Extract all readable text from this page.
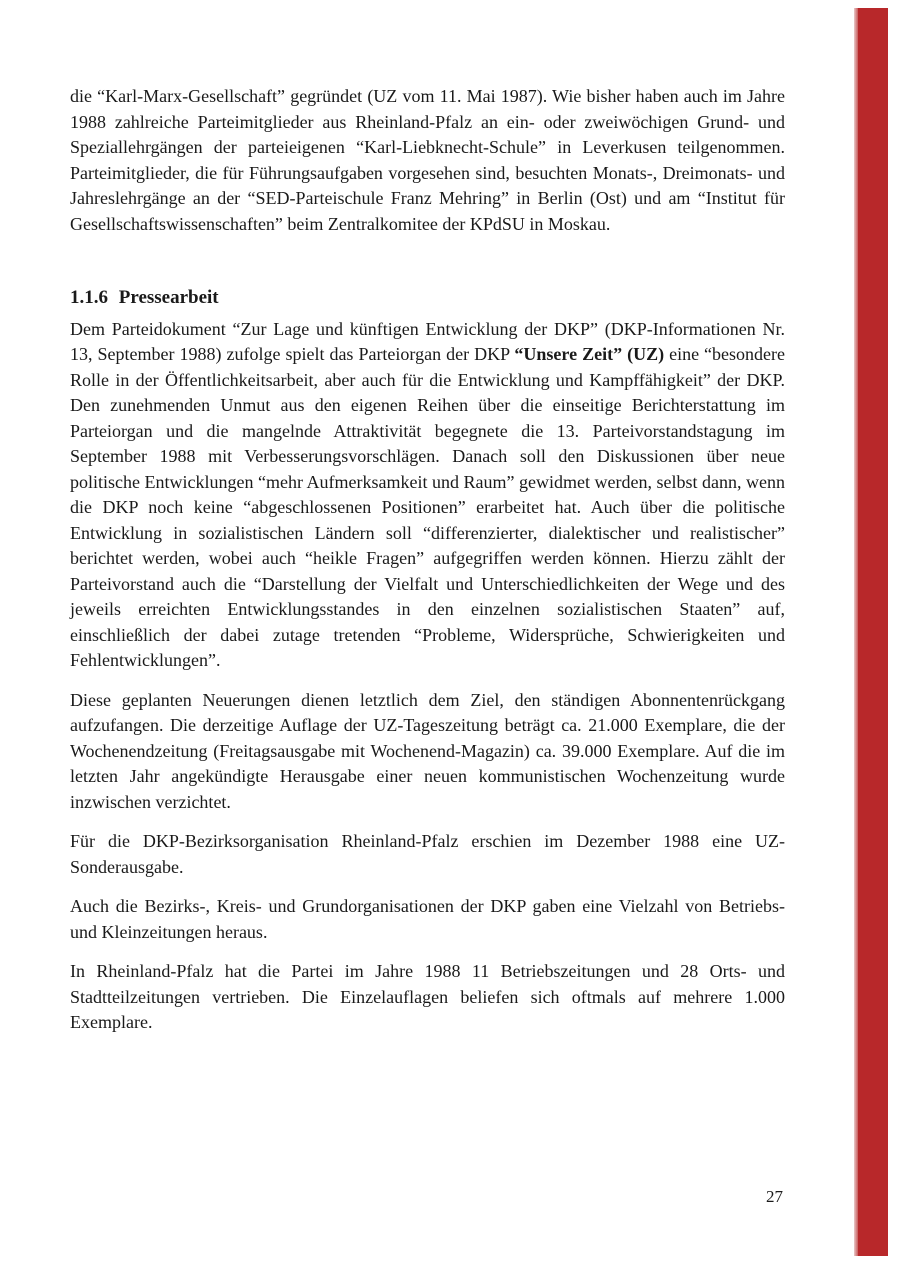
die “Karl-Marx-Gesellschaft” gegründet (UZ vom 11. Mai 1987). Wie bisher haben auch im Jahre 1988 zahlreiche Parteimitglieder aus Rheinland-Pfalz an ein- oder zweiwöchigen Grund- und Speziallehrgängen der parteieigenen “Karl-Liebknecht-Schule” in Leverkusen teilgenommen. Parteimitglieder, die für Führungsaufgaben vorgesehen sind, besuchten Monats-, Dreimonats- und Jahreslehrgänge an der “SED-Parteischule Franz Mehring” in Berlin (Ost) und am “Institut für Gesellschaftswissenschaften” beim Zentralkomitee der KPdSU in Moskau.

1.1.6 Pressearbeit

Dem Parteidokument “Zur Lage und künftigen Entwicklung der DKP” (DKP-Informationen Nr. 13, September 1988) zufolge spielt das Parteiorgan der DKP “Unsere Zeit” (UZ) eine “besondere Rolle in der Öffentlichkeitsarbeit, aber auch für die Entwicklung und Kampffähigkeit” der DKP. Den zunehmenden Unmut aus den eigenen Reihen über die einseitige Berichterstattung im Parteiorgan und die mangelnde Attraktivität begegnete die 13. Parteivorstandstagung im September 1988 mit Verbesserungsvorschlägen. Danach soll den Diskussionen über neue politische Entwicklungen “mehr Aufmerksamkeit und Raum” gewidmet werden, selbst dann, wenn die DKP noch keine “abgeschlossenen Positionen” erarbeitet hat. Auch über die politische Entwicklung in sozialistischen Ländern soll “differenzierter, dialektischer und realistischer” berichtet werden, wobei auch “heikle Fragen” aufgegriffen werden können. Hierzu zählt der Parteivorstand auch die “Darstellung der Vielfalt und Unterschiedlichkeiten der Wege und des jeweils erreichten Entwicklungsstandes in den einzelnen sozialistischen Staaten” auf, einschließlich der dabei zutage tretenden “Probleme, Widersprüche, Schwierigkeiten und Fehlentwicklungen”.

Diese geplanten Neuerungen dienen letztlich dem Ziel, den ständigen Abonnentenrückgang aufzufangen. Die derzeitige Auflage der UZ-Tageszeitung beträgt ca. 21.000 Exemplare, die der Wochenendzeitung (Freitagsausgabe mit Wochenend-Magazin) ca. 39.000 Exemplare. Auf die im letzten Jahr angekündigte Herausgabe einer neuen kommunistischen Wochenzeitung wurde inzwischen verzichtet.

Für die DKP-Bezirksorganisation Rheinland-Pfalz erschien im Dezember 1988 eine UZ-Sonderausgabe.

Auch die Bezirks-, Kreis- und Grundorganisationen der DKP gaben eine Vielzahl von Betriebs- und Kleinzeitungen heraus.

In Rheinland-Pfalz hat die Partei im Jahre 1988 11 Betriebszeitungen und 28 Orts- und Stadtteilzeitungen vertrieben. Die Einzelauflagen beliefen sich oftmals auf mehrere 1.000 Exemplare.

27
